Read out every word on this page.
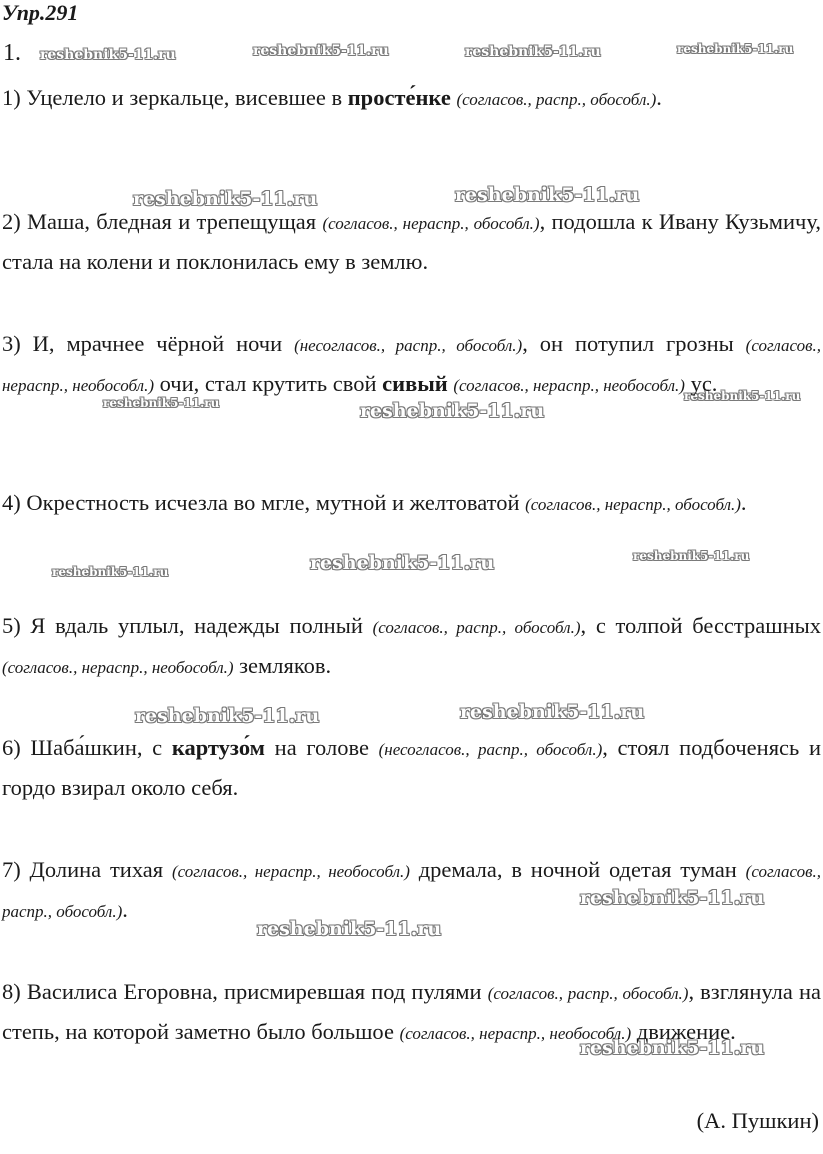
Упр.291
1. reshebnik5-11.ru	reshebnik5-11.ru	reshebnik5-11.ru	reshebnik5-11.ru
reshebnik5-11.ru	reshebnik5-11.ru
reshebnik5-11.ru	reshebnik5-11.ru
reshebnik5-11.ru
reshebnik5-11.ru	reshebnik5-11.ru	reshebnik5-11.ru
reshebnik5-11.ru	reshebnik5-11.ru
reshebnik5-11.ru
reshebnik5-11.ru
reshebnik5-11.ru
1) Уцелело и зеркальце, висевшее в просте́нке (согласов., распр., обособл.).
2) Маша, бледная и трепещущая (согласов., нераспр., обособл.), подошла к Ивану Кузьмичу, стала на колени и поклонилась ему в землю.
3) И, мрачнее чёрной ночи (несогласов., распр., обособл.), он потупил грозны (согласов., нераспр., необособл.) очи, стал крутить свой сивый (согласов., нераспр., необособл.) ус.
4) Окрестность исчезла во мгле, мутной и желтоватой (согласов., нераспр., обособл.).
5) Я вдаль уплыл, надежды полный (согласов., распр., обособл.), с толпой бесстрашных (согласов., нераспр., необособл.) земляков.
6) Шаба́шкин, с картузо́м на голове (несогласов., распр., обособл.), стоял подбоченясь и гордо взирал около себя.
7) Долина тихая (согласов., нераспр., необособл.) дремала, в ночной одетая туман (согласов., распр., обособл.).
8) Василиса Егоровна, присмиревшая под пулями (согласов., распр., обособл.), взглянула на степь, на которой заметно было большое (согласов., нераспр., необособл.) движение.
(А. Пушкин)
